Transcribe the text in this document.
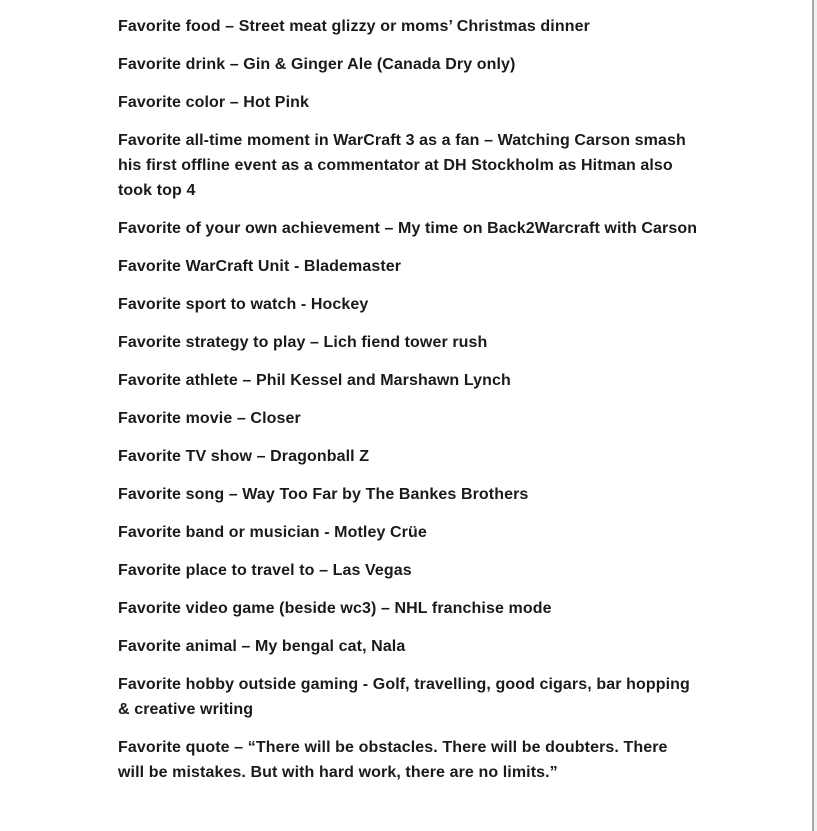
Favorite food – Street meat glizzy or moms’ Christmas dinner
Favorite drink – Gin & Ginger Ale (Canada Dry only)
Favorite color – Hot Pink
Favorite all-time moment in WarCraft 3 as a fan – Watching Carson smash his first offline event as a commentator at DH Stockholm as Hitman also took top 4
Favorite of your own achievement – My time on Back2Warcraft with Carson
Favorite WarCraft Unit - Blademaster
Favorite sport to watch - Hockey
Favorite strategy to play – Lich fiend tower rush
Favorite athlete – Phil Kessel and Marshawn Lynch
Favorite movie – Closer
Favorite TV show – Dragonball Z
Favorite song – Way Too Far by The Bankes Brothers
Favorite band or musician - Motley Crüe
Favorite place to travel to – Las Vegas
Favorite video game (beside wc3) – NHL franchise mode
Favorite animal – My bengal cat, Nala
Favorite hobby outside gaming - Golf, travelling, good cigars, bar hopping & creative writing
Favorite quote – “There will be obstacles. There will be doubters. There will be mistakes. But with hard work, there are no limits.”
